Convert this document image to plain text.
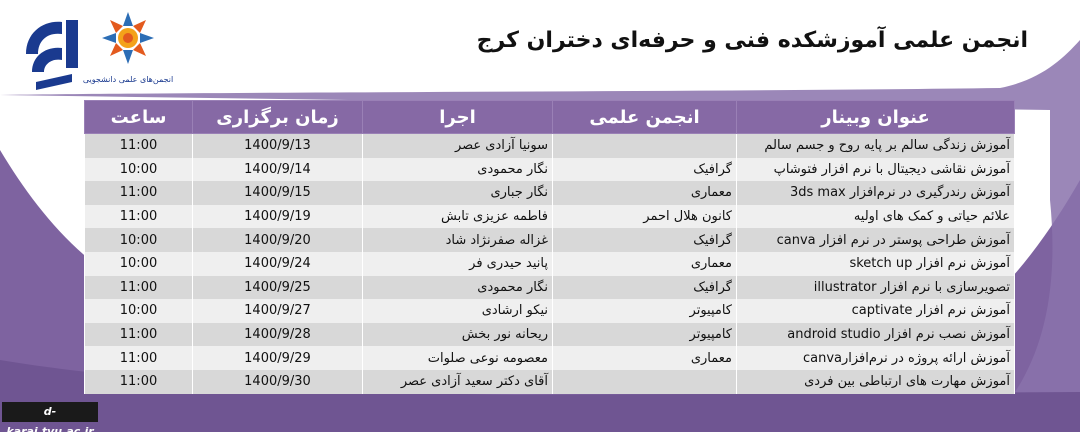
انجمن‌های علمی دانشجویی
انجمن علمی آموزشکده فنی و حرفه‌ای دختران کرج
عنوان وبینار	انجمن علمی	اجرا	زمان برگزاری	ساعت
آموزش زندگی سالم بر پایه روح و جسم سالم		سونیا آزادی عصر	1400/9/13	11:00
آموزش نقاشی دیجیتال با نرم افزار فتوشاپ	گرافیک	نگار محمودی	1400/9/14	10:00
آموزش رندرگیری در نرم‌افزار 3ds max	معماری	نگار جباری	1400/9/15	11:00
علائم حیاتی و کمک های اولیه	کانون هلال احمر	فاطمه عزیزی تابش	1400/9/19	11:00
آموزش طراحی پوستر در نرم افزار canva	گرافیک	غزاله صفرنژاد شاد	1400/9/20	10:00
آموزش نرم افزار sketch up	معماری	پانید حیدری فر	1400/9/24	10:00
تصویرسازی با نرم افزار illustrator	گرافیک	نگار محمودی	1400/9/25	11:00
آموزش نرم افزار captivate	کامپیوتر	نیکو ارشادی	1400/9/27	10:00
آموزش نصب نرم افزار android studio	کامپیوتر	ریحانه نور بخش	1400/9/28	11:00
آموزش ارائه پروژه در نرم‌افزارcanva	معماری	معصومه نوعی صلوات	1400/9/29	11:00
آموزش مهارت های ارتباطی بین فردی		آقای دکتر سعید آزادی عصر	1400/9/30	11:00
d-karaj.tvu.ac.ir
